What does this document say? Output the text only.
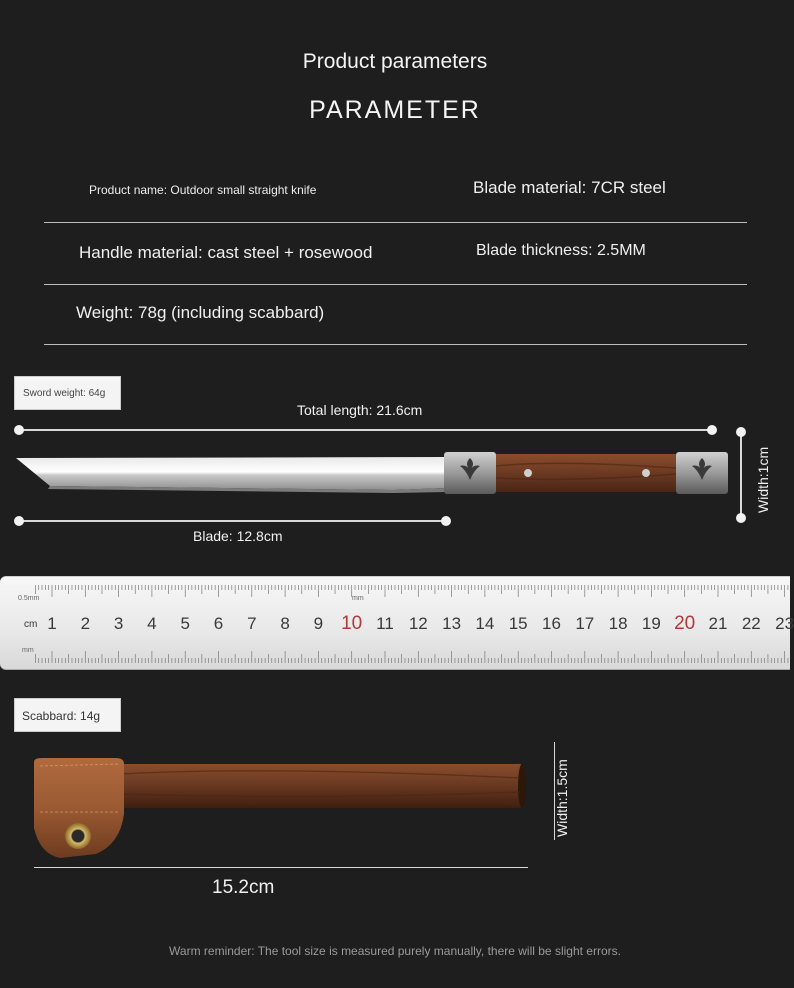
Product parameters
PARAMETER
Product name: Outdoor small straight knife	Blade material: 7CR steel
Handle material: cast steel + rosewood	Blade thickness: 2.5MM
Weight: 78g (including scabbard)
Sword weight: 64g
Total length: 21.6cm
Width:1cm
Blade: 12.8cm
0.5mm	mm
mm
cm 1 2 3 4 5 6 7 8 9 10 11 12 13 14 15 16 17 18 19 20 21 22 23
Scabbard: 14g
Width:1.5cm
15.2cm
Warm reminder: The tool size is measured purely manually, there will be slight errors.
